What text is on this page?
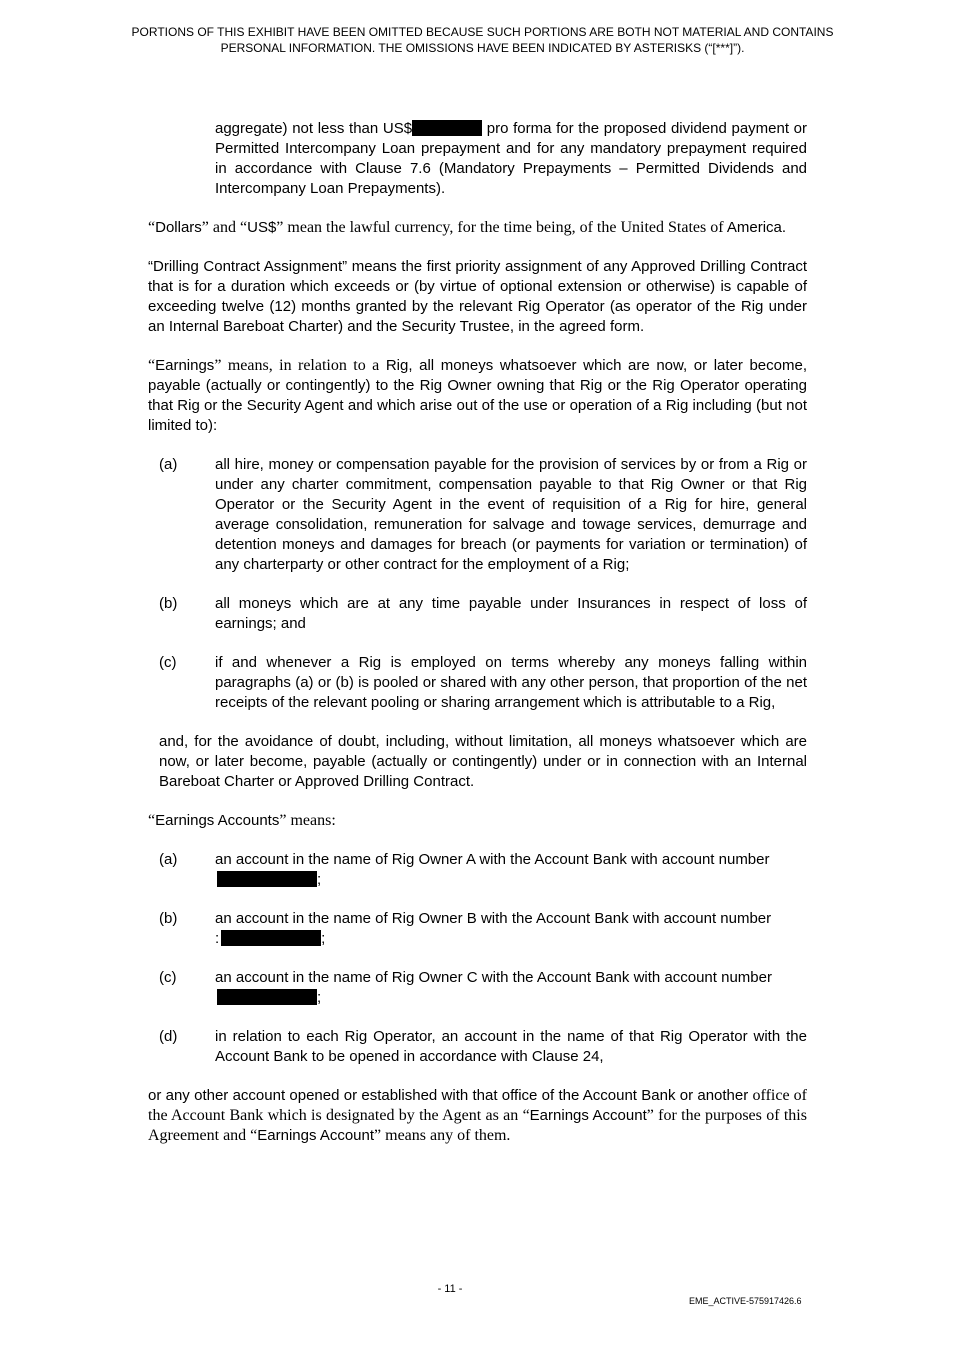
PORTIONS OF THIS EXHIBIT HAVE BEEN OMITTED BECAUSE SUCH PORTIONS ARE BOTH NOT MATERIAL AND CONTAINS PERSONAL INFORMATION. THE OMISSIONS HAVE BEEN INDICATED BY ASTERISKS (“[***]”).

aggregate) not less than US$	pro forma for the proposed dividend payment or Permitted Intercompany Loan prepayment and for any mandatory prepayment required in accordance with Clause 7.6 (Mandatory Prepayments – Permitted Dividends and Intercompany Loan Prepayments).

“Dollars” and “US$” mean the lawful currency, for the time being, of the United States of America.

“Drilling Contract Assignment” means the first priority assignment of any Approved Drilling Contract that is for a duration which exceeds or (by virtue of optional extension or otherwise) is capable of exceeding twelve (12) months granted by the relevant Rig Operator (as operator of the Rig under an Internal Bareboat Charter) and the Security Trustee, in the agreed form.

“Earnings” means, in relation to a Rig, all moneys whatsoever which are now, or later become, payable (actually or contingently) to the Rig Owner owning that Rig or the Rig Operator operating that Rig or the Security Agent and which arise out of the use or operation of a Rig including (but not limited to):

(a)	all hire, money or compensation payable for the provision of services by or from a Rig or under any charter commitment, compensation payable to that Rig Owner or that Rig Operator or the Security Agent in the event of requisition of a Rig for hire, general average consolidation, remuneration for salvage and towage services, demurrage and detention moneys and damages for breach (or payments for variation or termination) of any charterparty or other contract for the employment of a Rig;
(b)	all moneys which are at any time payable under Insurances in respect of loss of earnings; and
(c)	if and whenever a Rig is employed on terms whereby any moneys falling within paragraphs (a) or (b) is pooled or shared with any other person, that proportion of the net receipts of the relevant pooling or sharing arrangement which is attributable to a Rig,

and, for the avoidance of doubt, including, without limitation, all moneys whatsoever which are now, or later become, payable (actually or contingently) under or in connection with an Internal Bareboat Charter or Approved Drilling Contract.

“Earnings Accounts” means:

(a)	an account in the name of Rig Owner A with the Account Bank with account number
;
(b)	an account in the name of Rig Owner B with the Account Bank with account number
:	;
(c)	an account in the name of Rig Owner C with the Account Bank with account number
;
(d)	in relation to each Rig Operator, an account in the name of that Rig Operator with the Account Bank to be opened in accordance with Clause 24,

or any other account opened or established with that office of the Account Bank or another office of the Account Bank which is designated by the Agent as an “Earnings Account” for the purposes of this Agreement and “Earnings Account” means any of them.

- 11 -
EME_ACTIVE-575917426.6
